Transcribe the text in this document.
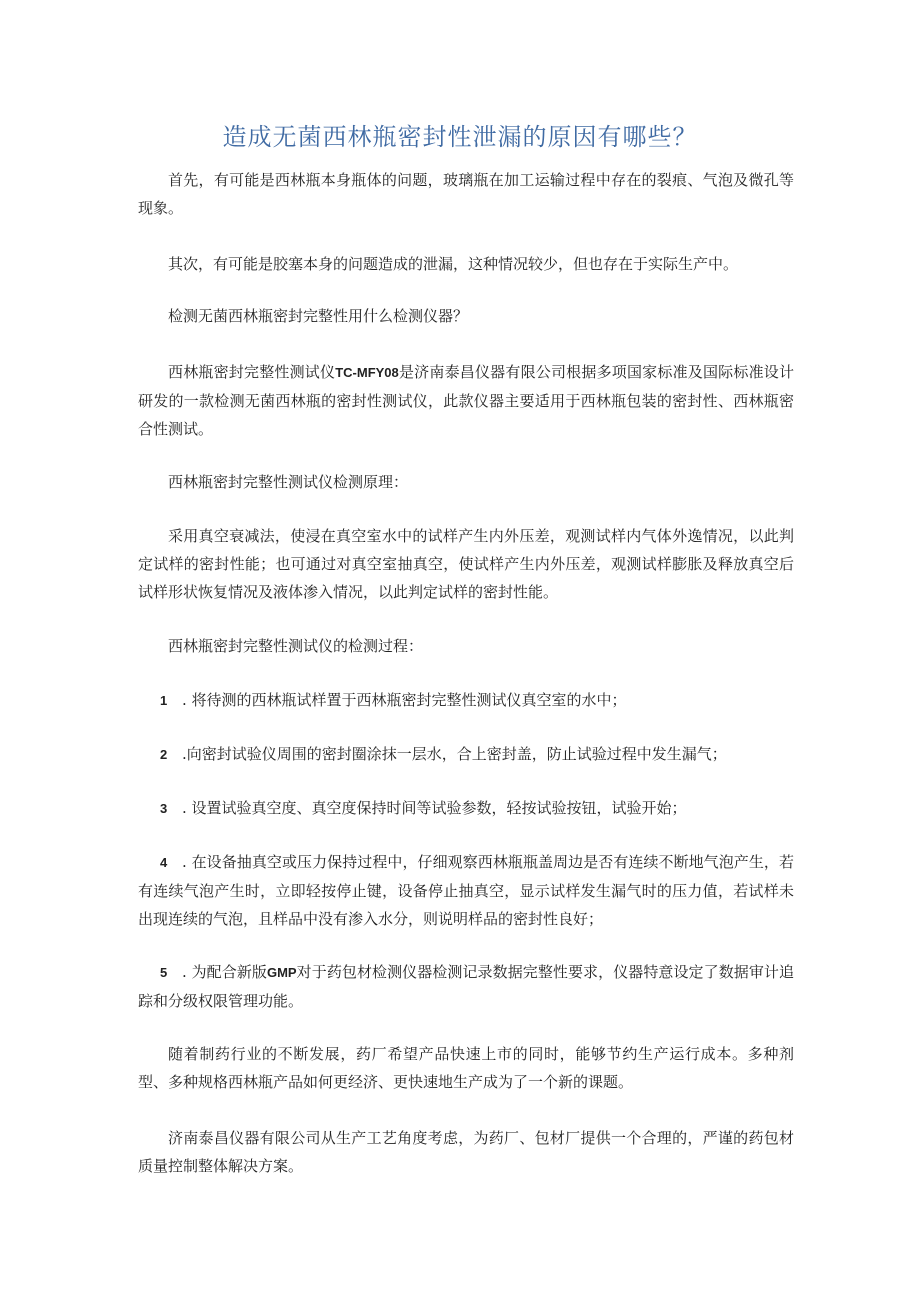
造成无菌西林瓶密封性泄漏的原因有哪些？

首先，有可能是西林瓶本身瓶体的问题，玻璃瓶在加工运输过程中存在的裂痕、气泡及微孔等现象。

其次，有可能是胶塞本身的问题造成的泄漏，这种情况较少，但也存在于实际生产中。

检测无菌西林瓶密封完整性用什么检测仪器？

西林瓶密封完整性测试仪TC-MFY08是济南泰昌仪器有限公司根据多项国家标准及国际标准设计研发的一款检测无菌西林瓶的密封性测试仪，此款仪器主要适用于西林瓶包装的密封性、西林瓶密合性测试。

西林瓶密封完整性测试仪检测原理：

采用真空衰减法，使浸在真空室水中的试样产生内外压差，观测试样内气体外逸情况，以此判定试样的密封性能；也可通过对真空室抽真空，使试样产生内外压差，观测试样膨胀及释放真空后试样形状恢复情况及液体渗入情况，以此判定试样的密封性能。

西林瓶密封完整性测试仪的检测过程：

1 . 将待测的西林瓶试样置于西林瓶密封完整性测试仪真空室的水中；

2 .向密封试验仪周围的密封圈涂抹一层水，合上密封盖，防止试验过程中发生漏气；

3 . 设置试验真空度、真空度保持时间等试验参数，轻按试验按钮，试验开始；

4 . 在设备抽真空或压力保持过程中，仔细观察西林瓶瓶盖周边是否有连续不断地气泡产生，若有连续气泡产生时，立即轻按停止键，设备停止抽真空，显示试样发生漏气时的压力值，若试样未出现连续的气泡，且样品中没有渗入水分，则说明样品的密封性良好；

5 . 为配合新版GMP对于药包材检测仪器检测记录数据完整性要求，仪器特意设定了数据审计追踪和分级权限管理功能。

随着制药行业的不断发展，药厂希望产品快速上市的同时，能够节约生产运行成本。多种剂型、多种规格西林瓶产品如何更经济、更快速地生产成为了一个新的课题。

济南泰昌仪器有限公司从生产工艺角度考虑，为药厂、包材厂提供一个合理的，严谨的药包材质量控制整体解决方案。
